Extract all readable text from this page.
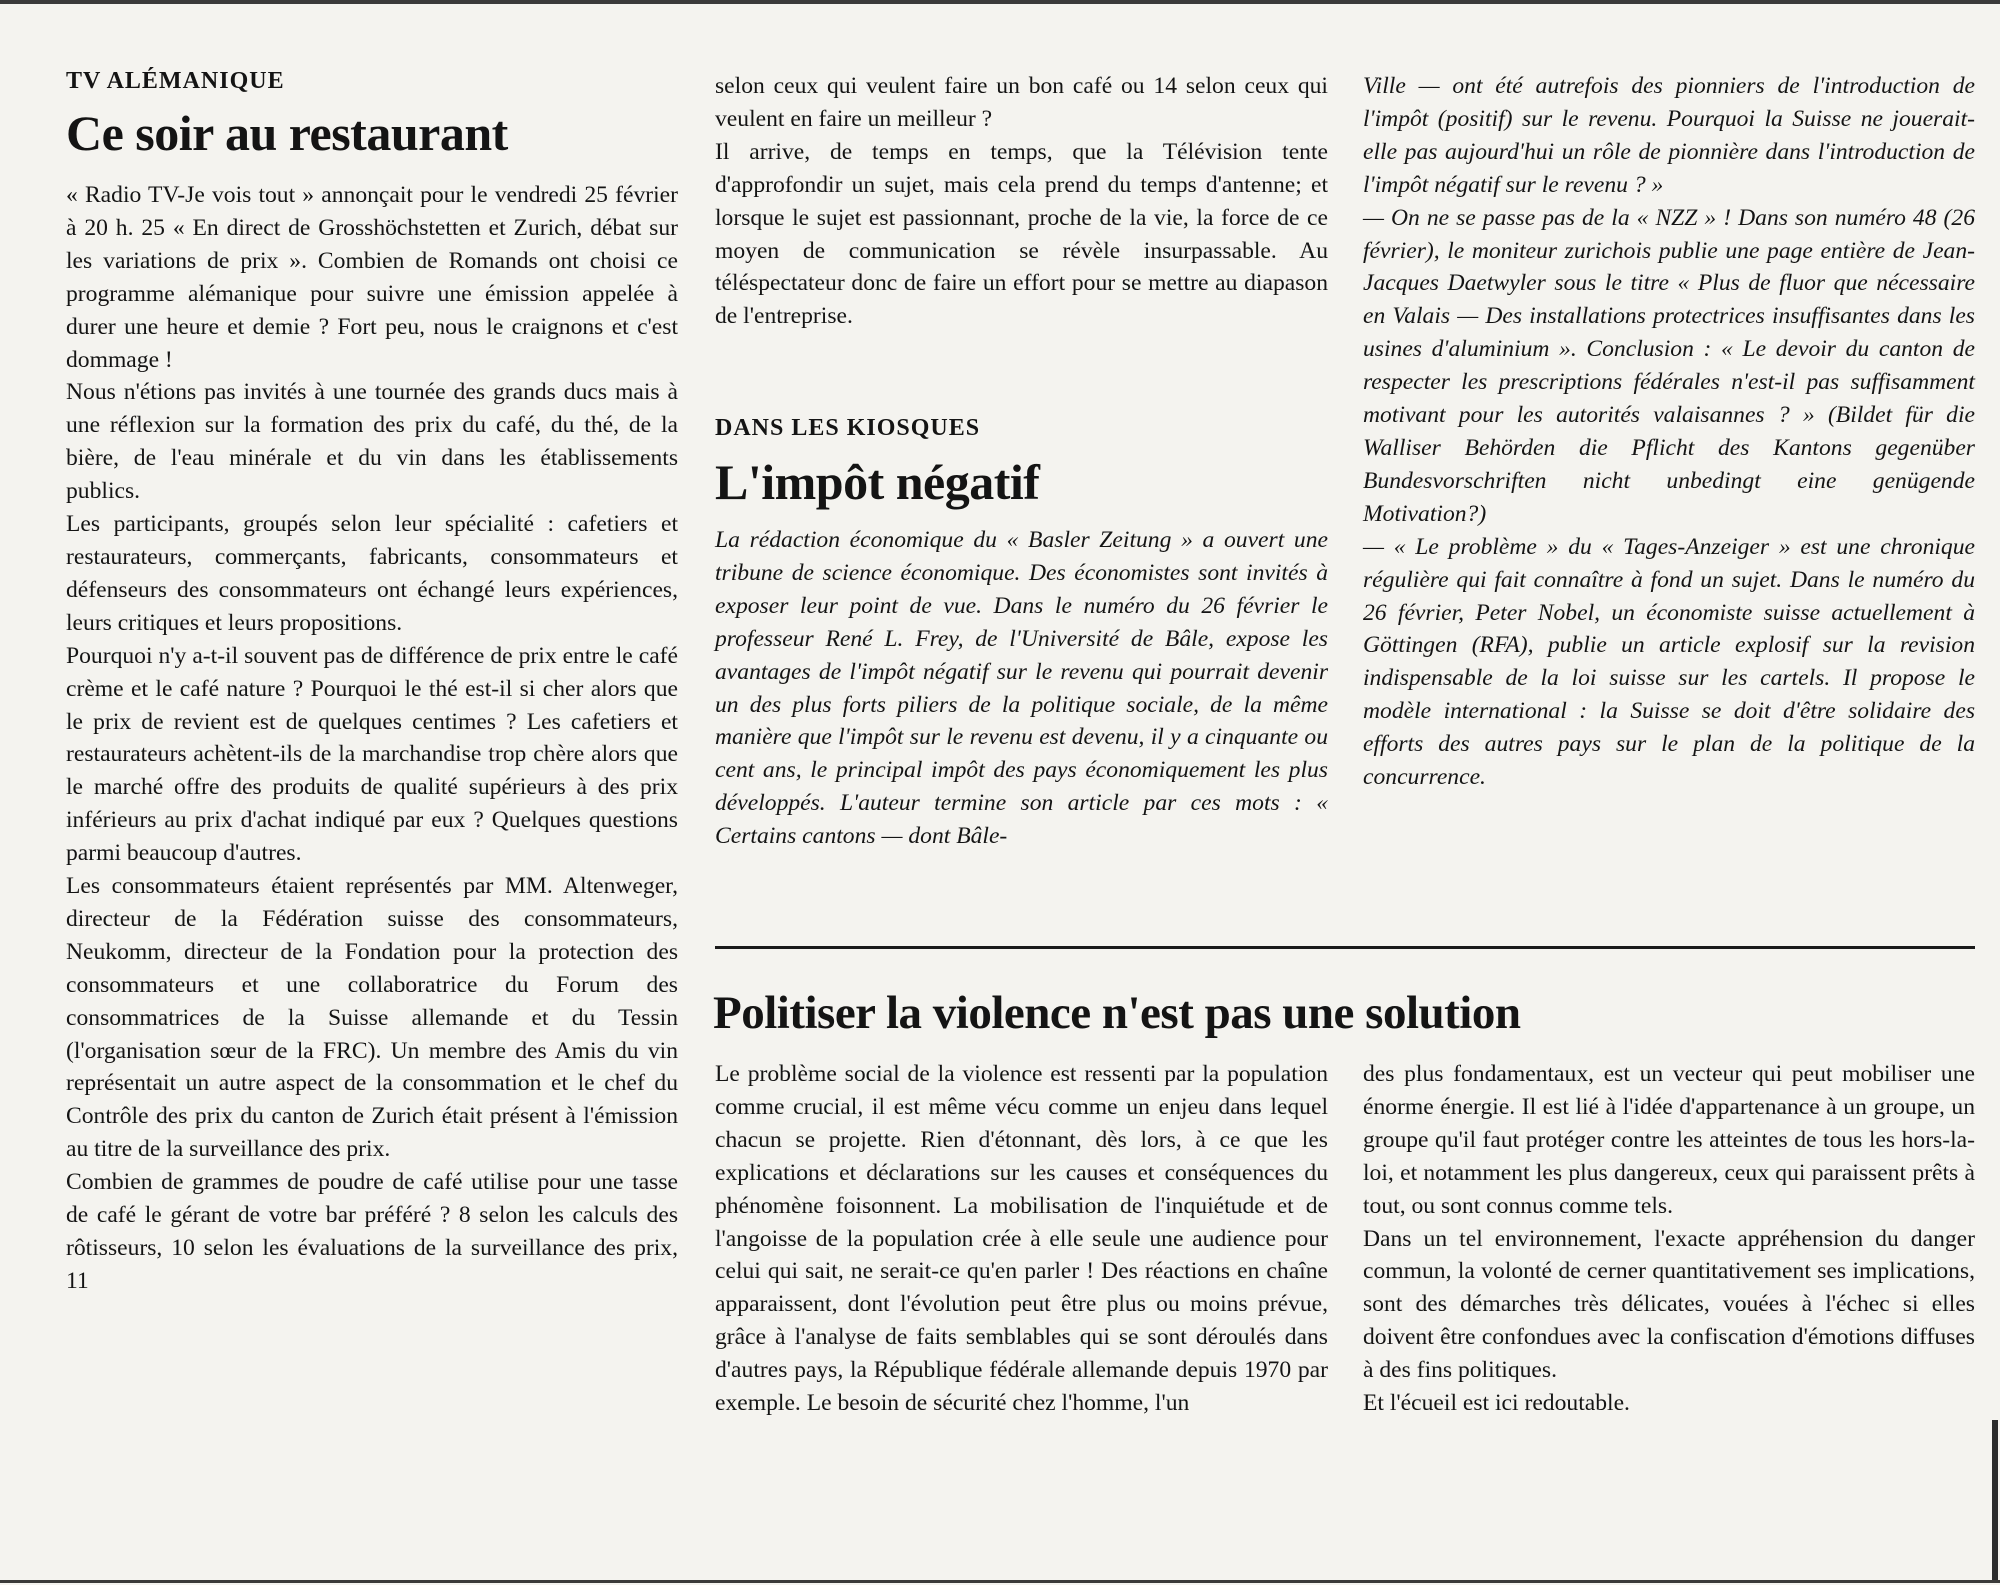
TV ALÉMANIQUE
Ce soir au restaurant

« Radio TV-Je vois tout » annonçait pour le vendredi 25 février à 20 h. 25 « En direct de Grosshöchstetten et Zurich, débat sur les variations de prix ». Combien de Romands ont choisi ce programme alémanique pour suivre une émission appelée à durer une heure et demie ? Fort peu, nous le craignons et c'est dommage !

Nous n'étions pas invités à une tournée des grands ducs mais à une réflexion sur la formation des prix du café, du thé, de la bière, de l'eau minérale et du vin dans les établissements publics.

Les participants, groupés selon leur spécialité : cafetiers et restaurateurs, commerçants, fabricants, consommateurs et défenseurs des consommateurs ont échangé leurs expériences, leurs critiques et leurs propositions.

Pourquoi n'y a-t-il souvent pas de différence de prix entre le café crème et le café nature ? Pourquoi le thé est-il si cher alors que le prix de revient est de quelques centimes ? Les cafetiers et restaurateurs achètent-ils de la marchandise trop chère alors que le marché offre des produits de qualité supérieurs à des prix inférieurs au prix d'achat indiqué par eux ? Quelques questions parmi beaucoup d'autres.

Les consommateurs étaient représentés par MM. Altenweger, directeur de la Fédération suisse des consommateurs, Neukomm, directeur de la Fondation pour la protection des consommateurs et une collaboratrice du Forum des consommatrices de la Suisse allemande et du Tessin (l'organisation sœur de la FRC). Un membre des Amis du vin représentait un autre aspect de la consommation et le chef du Contrôle des prix du canton de Zurich était présent à l'émission au titre de la surveillance des prix.

Combien de grammes de poudre de café utilise pour une tasse de café le gérant de votre bar préféré ? 8 selon les calculs des rôtisseurs, 10 selon les évaluations de la surveillance des prix, 11

selon ceux qui veulent faire un bon café ou 14 selon ceux qui veulent en faire un meilleur ?

Il arrive, de temps en temps, que la Télévision tente d'approfondir un sujet, mais cela prend du temps d'antenne; et lorsque le sujet est passionnant, proche de la vie, la force de ce moyen de communication se révèle insurpassable. Au téléspectateur donc de faire un effort pour se mettre au diapason de l'entreprise.

DANS LES KIOSQUES
L'impôt négatif

La rédaction économique du « Basler Zeitung » a ouvert une tribune de science économique. Des économistes sont invités à exposer leur point de vue. Dans le numéro du 26 février le professeur René L. Frey, de l'Université de Bâle, expose les avantages de l'impôt négatif sur le revenu qui pourrait devenir un des plus forts piliers de la politique sociale, de la même manière que l'impôt sur le revenu est devenu, il y a cinquante ou cent ans, le principal impôt des pays économiquement les plus développés. L'auteur termine son article par ces mots : « Certains cantons — dont Bâle-

Ville — ont été autrefois des pionniers de l'introduction de l'impôt (positif) sur le revenu. Pourquoi la Suisse ne jouerait-elle pas aujourd'hui un rôle de pionnière dans l'introduction de l'impôt négatif sur le revenu ? »

— On ne se passe pas de la « NZZ » ! Dans son numéro 48 (26 février), le moniteur zurichois publie une page entière de Jean-Jacques Daetwyler sous le titre « Plus de fluor que nécessaire en Valais — Des installations protectrices insuffisantes dans les usines d'aluminium ». Conclusion : « Le devoir du canton de respecter les prescriptions fédérales n'est-il pas suffisamment motivant pour les autorités valaisannes ? » (Bildet für die Walliser Behörden die Pflicht des Kantons gegenüber Bundesvorschriften nicht unbedingt eine genügende Motivation?)

— « Le problème » du « Tages-Anzeiger » est une chronique régulière qui fait connaître à fond un sujet. Dans le numéro du 26 février, Peter Nobel, un économiste suisse actuellement à Göttingen (RFA), publie un article explosif sur la revision indispensable de la loi suisse sur les cartels. Il propose le modèle international : la Suisse se doit d'être solidaire des efforts des autres pays sur le plan de la politique de la concurrence.

Politiser la violence n'est pas une solution

Le problème social de la violence est ressenti par la population comme crucial, il est même vécu comme un enjeu dans lequel chacun se projette. Rien d'étonnant, dès lors, à ce que les explications et déclarations sur les causes et conséquences du phénomène foisonnent. La mobilisation de l'inquiétude et de l'angoisse de la population crée à elle seule une audience pour celui qui sait, ne serait-ce qu'en parler ! Des réactions en chaîne apparaissent, dont l'évolution peut être plus ou moins prévue, grâce à l'analyse de faits semblables qui se sont déroulés dans d'autres pays, la République fédérale allemande depuis 1970 par exemple. Le besoin de sécurité chez l'homme, l'un

des plus fondamentaux, est un vecteur qui peut mobiliser une énorme énergie. Il est lié à l'idée d'appartenance à un groupe, un groupe qu'il faut protéger contre les atteintes de tous les hors-la-loi, et notamment les plus dangereux, ceux qui paraissent prêts à tout, ou sont connus comme tels.

Dans un tel environnement, l'exacte appréhension du danger commun, la volonté de cerner quantitativement ses implications, sont des démarches très délicates, vouées à l'échec si elles doivent être confondues avec la confiscation d'émotions diffuses à des fins politiques.

Et l'écueil est ici redoutable.
